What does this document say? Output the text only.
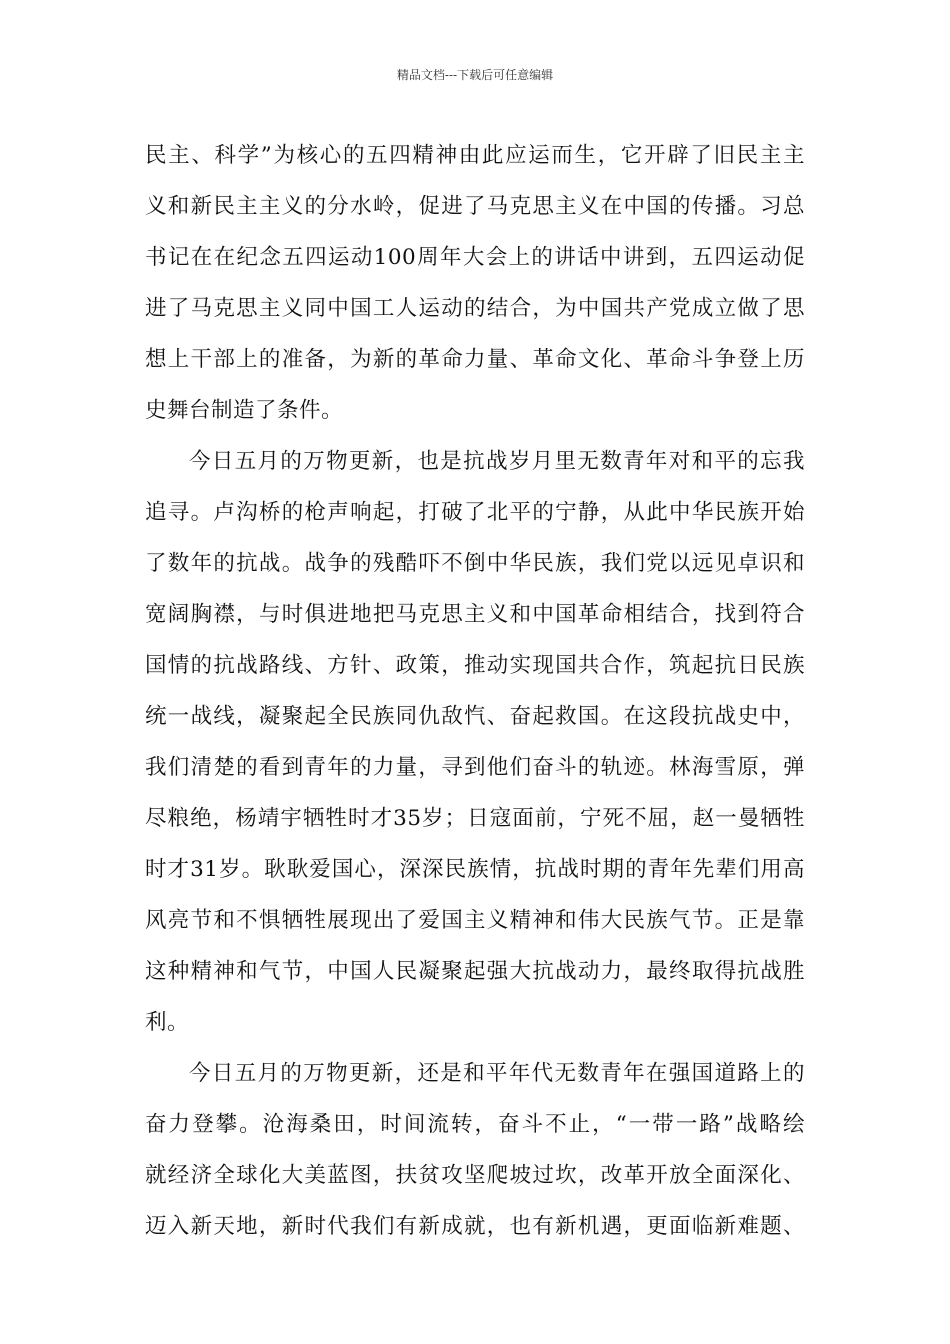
精品文档---下载后可任意编辑
民主、科学”为核心的五四精神由此应运而生，它开辟了旧民主主
义和新民主主义的分水岭，促进了马克思主义在中国的传播。习总
书记在在纪念五四运动100周年大会上的讲话中讲到，五四运动促
进了马克思主义同中国工人运动的结合，为中国共产党成立做了思
想上干部上的准备，为新的革命力量、革命文化、革命斗争登上历
史舞台制造了条件。
今日五月的万物更新，也是抗战岁月里无数青年对和平的忘我
追寻。卢沟桥的枪声响起，打破了北平的宁静，从此中华民族开始
了数年的抗战。战争的残酷吓不倒中华民族，我们党以远见卓识和
宽阔胸襟，与时俱进地把马克思主义和中国革命相结合，找到符合
国情的抗战路线、方针、政策，推动实现国共合作，筑起抗日民族
统一战线，凝聚起全民族同仇敌忾、奋起救国。在这段抗战史中，
我们清楚的看到青年的力量，寻到他们奋斗的轨迹。林海雪原，弹
尽粮绝，杨靖宇牺牲时才35岁；日寇面前，宁死不屈，赵一曼牺牲
时才31岁。耿耿爱国心，深深民族情，抗战时期的青年先辈们用高
风亮节和不惧牺牲展现出了爱国主义精神和伟大民族气节。正是靠
这种精神和气节，中国人民凝聚起强大抗战动力，最终取得抗战胜
利。
今日五月的万物更新，还是和平年代无数青年在强国道路上的
奋力登攀。沧海桑田，时间流转，奋斗不止，“一带一路”战略绘
就经济全球化大美蓝图，扶贫攻坚爬坡过坎，改革开放全面深化、
迈入新天地，新时代我们有新成就，也有新机遇，更面临新难题、
